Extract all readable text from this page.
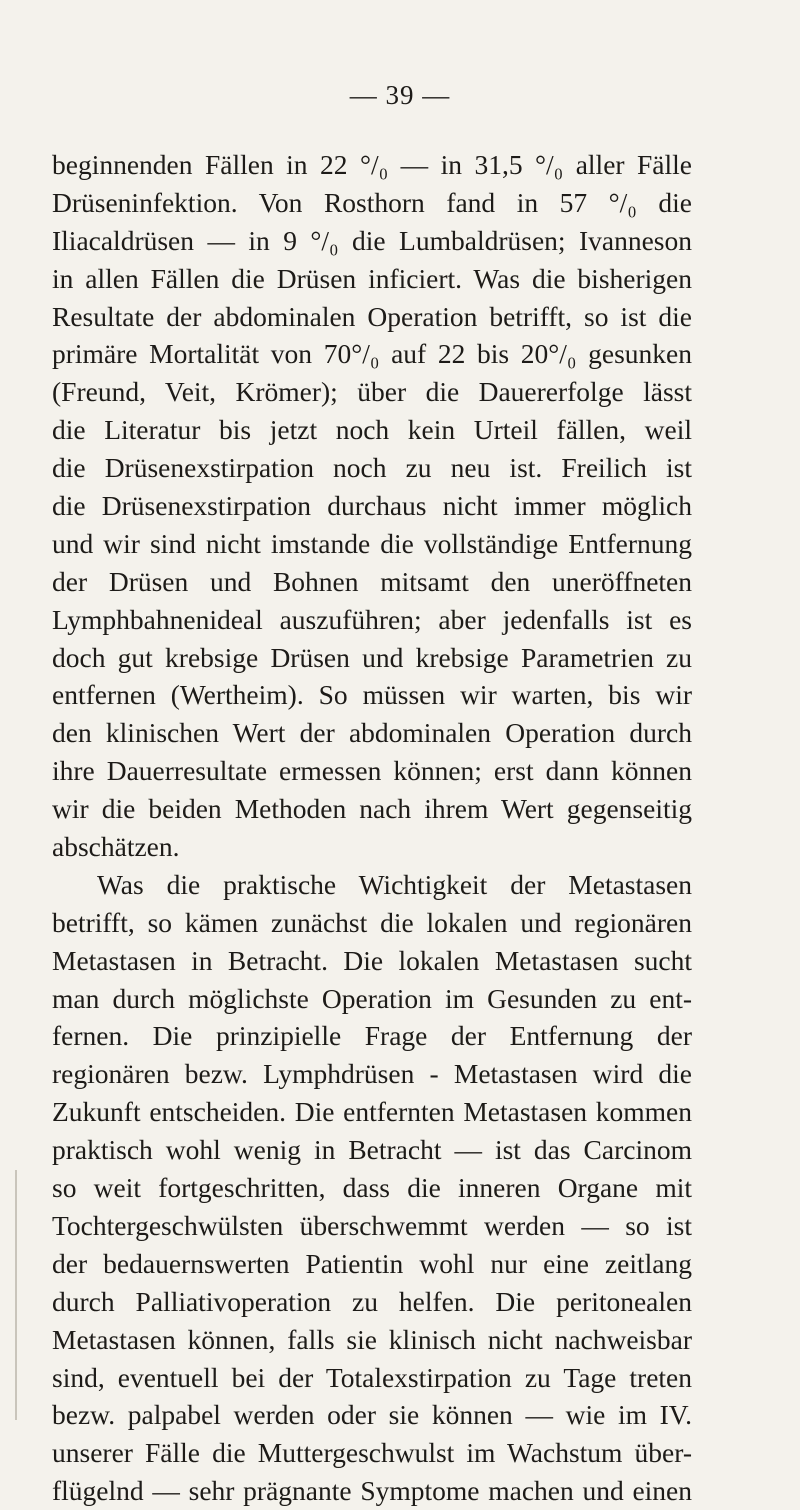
— 39 —
beginnenden Fällen in 22 °/₀ — in 31,5 °/₀ aller Fälle
Drüseninfektion. Von Rosthorn fand in 57 °/₀ die
Iliacaldrüsen — in 9 °/₀ die Lumbaldrüsen; Ivanneson
in allen Fällen die Drüsen inficiert. Was die bisherigen
Resultate der abdominalen Operation betrifft, so ist die
primäre Mortalität von 70°/₀ auf 22 bis 20°/₀ gesunken
(Freund, Veit, Krömer); über die Dauererfolge lässt
die Literatur bis jetzt noch kein Urteil fällen, weil
die Drüsenexstirpation noch zu neu ist. Freilich ist
die Drüsenexstirpation durchaus nicht immer möglich
und wir sind nicht imstande die vollständige Entfernung
der Drüsen und Bohnen mitsamt den uneröffneten
Lymphbahnenideal auszuführen; aber jedenfalls ist es
doch gut krebsige Drüsen und krebsige Parametrien zu
entfernen (Wertheim). So müssen wir warten, bis wir
den klinischen Wert der abdominalen Operation durch
ihre Dauerresultate ermessen können; erst dann können
wir die beiden Methoden nach ihrem Wert gegenseitig
abschätzen.
Was die praktische Wichtigkeit der Metastasen
betrifft, so kämen zunächst die lokalen und regionären
Metastasen in Betracht. Die lokalen Metastasen sucht
man durch möglichste Operation im Gesunden zu ent-
fernen. Die prinzipielle Frage der Entfernung der
regionären bezw. Lymphdrüsen - Metastasen wird die
Zukunft entscheiden. Die entfernten Metastasen kommen
praktisch wohl wenig in Betracht — ist das Carcinom
so weit fortgeschritten, dass die inneren Organe mit
Tochtergeschwülsten überschwemmt werden — so ist
der bedauernswerten Patientin wohl nur eine zeitlang
durch Palliativoperation zu helfen. Die peritonealen
Metastasen können, falls sie klinisch nicht nachweisbar
sind, eventuell bei der Totalexstirpation zu Tage treten
bezw. palpabel werden oder sie können — wie im IV.
unserer Fälle die Muttergeschwulst im Wachstum über-
flügelnd — sehr prägnante Symptome machen und einen
